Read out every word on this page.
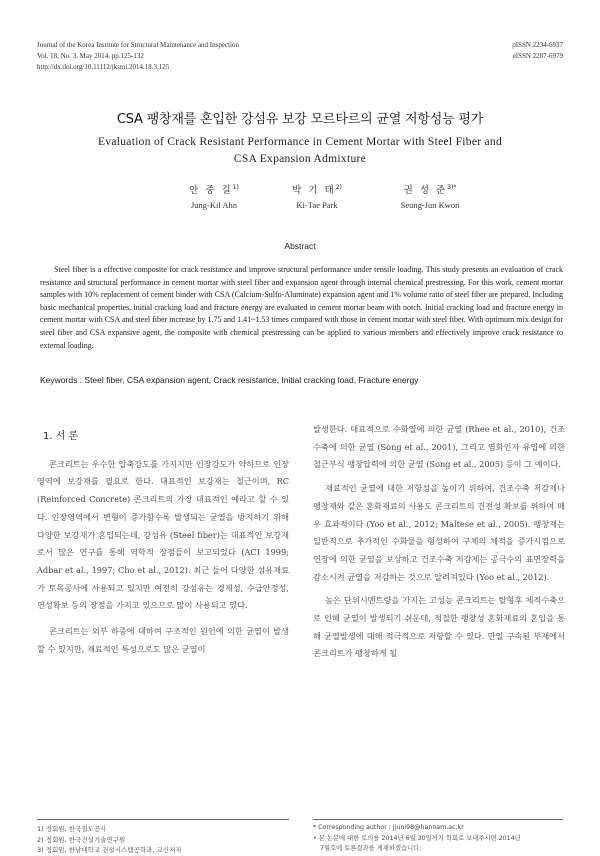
Journal of the Korea Institute for Structural Maintenance and Inspection
Vol. 18, No. 3, May 2014, pp.125-132
http://dx.doi.org/10.11112/jksmi.2014.18.3.125
pISSN 2234-6937
eISSN 2287-6979
CSA 팽창재를 혼입한 강섬유 보강 모르타르의 균열 저항성능 평가
Evaluation of Crack Resistant Performance in Cement Mortar with Steel Fiber and
CSA Expansion Admixture
안 중 길$^{1)}$
Jung-Kil Ahn
박 기 태$^{2)}$
Ki-Tae Park
권 성 준$^{3)*}$
Seung-Jun Kwon
Abstract
Steel fiber is a effective composite for crack resistance and improve structural performance under tensile loading. This study presents an evaluation of crack resistance and structural performance in cement mortar with steel fiber and expansion agent through internal chemical prestressing. For this work, cement mortar samples with 10% replacement of cement binder with CSA (Calcium-Sulfo-Aluminate) expansion agent and 1% volume ratio of steel fiber are prepared. Including basic mechanical properties, initial cracking load and fracture energy are evaluated in cement mortar beam with notch. Initial cracking load and fracture energy in cement mortar with CSA and steel fiber increase by 1.75 and 1.41~1.53 times compared with those in cement mortar with steel fiber. With optimum mix design for steel fiber and CSA expansive agent, the composite with chemical prestressing can be applied to various members and effectively improve crack resistance to external loading.
Keywords : Steel fiber, CSA expansion agent, Crack resistance, Initial cracking load, Fracture energy
1. 서 론
콘크리트는 우수한 압축강도를 가지지만 인장강도가 약하므로 인장영역에 보강재를 필요로 한다. 대표적인 보강재는 철근이며, RC (Reinforced Concrete) 콘크리트의 가장 대표적인 예라고 할 수 있다. 인장영역에서 변형이 증가함수록 발생되는 균열을 방지하기 위해 다양한 보강재가 혼입되는데, 강섬유 (Steel fiber)는 대표적인 보강재로서 많은 연구를 통해 역학적 장점들이 보고되었다 (ACI 1999; Adbar et al., 1997; Cho et al., 2012). 최근 들어 다양한 섬유재료가 토목공사에 사용되고 있지만 여전히 강섬유는 경제성, 수급안정성, 연성확보 등의 장점을 가지고 있으므로 많이 사용되고 있다.
콘크리트는 외부 하중에 대하여 구조적인 원인에 의한 균열이 발생할 수 있지만, 재료적인 특성으로도 많은 균열이
발생한다. 대표적으로 수화열에 의한 균열 (Rhee et al., 2010), 건조수축에 의한 균열 (Song et al., 2001), 그리고 염화인자 유입에 의한 철근부식 팽창압력에 의한 균열 (Song et al., 2005) 등이 그 예이다.
재료적인 균열에 대한 저항성을 높이기 위하여, 건조수축 저감제나 팽창재와 같은 혼화재료의 사용도 콘크리트의 건전성 확보를 위하여 매우 효과적이다 (Yoo et al., 2012; Maltese et al., 2005). 팽창재는 일반적으로 추가적인 수화물을 형성하여 구체의 체적을 증가시킴으로 연장에 의한 균열을 보상하고 건조수축 저감제는 공극수의 표면장력을 감소시켜 균열을 저감하는 것으로 알려져있다 (Yoo et al., 2012).
높은 단위시멘트량을 가지는 고성능 콘크리트는 탈형후 체적수축으로 인해 균열이 발생되기 쉬운데, 적절한 팽창성 혼화재료의 혼입을 통해 균열발생에 대해 적극적으로 저항할 수 있다. 만일 구속된 부재에서 콘크리트가 팽창하게 될
1) 정회원, 한국철도공사
2) 정회원, 한국건설기술연구원
3) 정회원, 한남대학교 건설시스템공학과, 교신저자
* Corresponding author : jjuni98@hannam,ac,kr
• 본 논문에 대한 토의를 2014년 6월 30일까지 학회로 보내주시면 2014년
7월호에 토론결과를 게재하겠습니다.
